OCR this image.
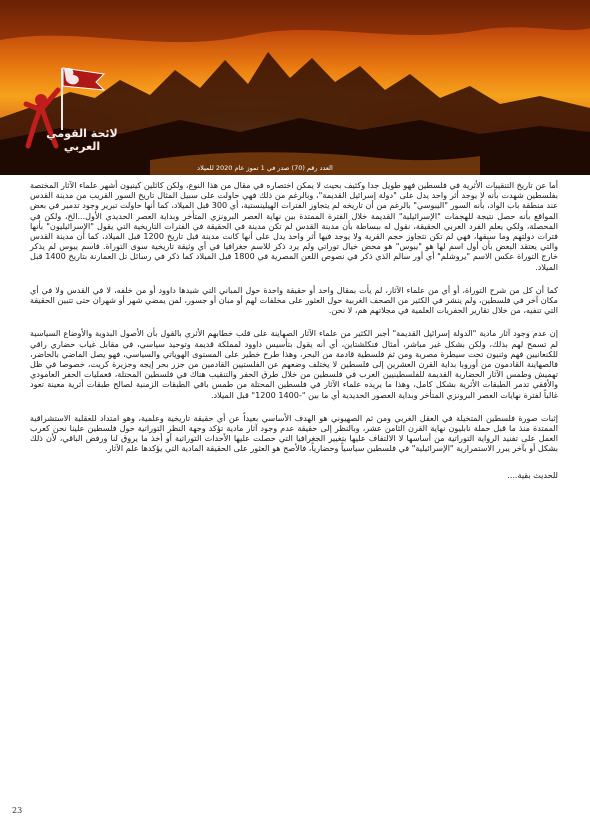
لائحة القومي العربي
العدد رقم (70) صدر في 1 تموز عام 2020 للميلاد

أما عن تاريخ التنقيبات الأثرية في فلسطين فهو طويل جدا وكثيف بحيث لا يمكن اختصاره في مقال من هذا النوع، ولكن كاثلين كينيون أشهر علماء الآثار المختصة بفلسطين شهدت بأنه لا يوجد أثر واحد يدل على "دولة إسرائيل القديمة"، وبالرغم من ذلك فهي حاولت على سبيل المثال تاريخ السور القريب من مدينة القدس عند منطقة باب الواد، بأنه السور "اليبوسي" بالرغم من أن تاريخه لم يتجاوز الفترات الهيلينستية، أي 300 قبل الميلاد، كما أنها حاولت تبرير وجود تدمير في بعض المواقع بأنه حصل نتيجة للهجمات "الإسرائيلية" القديمة خلال الفترة الممتدة بين نهاية العصر البرونزي المتأخر وبداية العصر الحديدي الأول...الخ، ولكن في المحصلة، ولكي يعلم الفرد العربي الحقيقة، نقول له ببساطة بأن مدينة القدس لم تكن مدينة في الحقيقة في الفترات التاريخية التي يقول "الإسرائيليون" بأنها فترات دولتهم وما سبقها، فهي لم تكن تتجاوز حجم القرية ولا يوجد فيها أثر واحد يدل على أنها كانت مدينة قبل تاريخ 1200 قبل الميلاد، كما أن مدينة القدس والتي يعتقد البعض بأن أول اسم لها هو "يبوس" هو محض خيال توراتي ولم يرد ذكر للاسم جغرافيا في أي وثيقة تاريخية سوى التوراة. فاسم يبوس لم يذكر خارج التوراة عكس الاسم "يروشلم" أي أور سالم الذي ذكر في نصوص اللعن المصرية في 1800 قبل الميلاد كما ذكر في رسائل تل العمارنة بتاريخ 1400 قبل الميلاد.

كما أن كل من شرح التوراة، أو أي من علماء الآثار، لم يأت بمقال واحد أو حقيقة واحدة حول المباني التي شيدها داوود أو من خلفه، لا في القدس ولا في أي مكان آخر في فلسطين، ولم ينشر في الكثير من الصحف الغربية حول العثور على مخلفات لهم أو مبان أو جسور، لمن يمضي شهر أو شهران حتى تتبين الحقيقة التي تنفيه، من خلال تقارير الحفريات العلمية في مجلاتهم هم، لا نحن.

إن عدم وجود آثار مادية "الدولة إسرائيل القديمة" أجبر الكثير من علماء الآثار الصهاينة على قلب خطابهم الأثري بالقول بأن الأصول البدوية والأوضاع السياسية لم تسمح لهم بذلك، ولكن بشكل غير مباشر، أمثال فنكلشتاين، أي أنه يقول بتأسيس داوود لمملكة قديمة وتوحيد سياسي، في مقابل غياب حضاري راقي للكنعانيين فهم وثنيون تحت سيطرة مصرية ومن ثم فلسطية قادمة من البحر، وهذا طرح خطير على المستوى الهوياتي والسياسي، فهو يصل الماضي بالحاضر، فالصهاينة القادمون من أوروبا بداية القرن العشرين إلى فلسطين لا يختلف وضعهم عن الفلستيين القادمين من جزر بحر إيجه وجزيرة كريت، خصوصا في ظل تهميش وطمس الآثار الحضارية القديمة للفلسطينيين العرب في فلسطين من خلال طرق الحفر والتنقيب هناك في فلسطين المحتلة، فعمليات الحفر العامودي والأفقي تدمر الطبقات الأثرية بشكل كامل، وهذا ما يريده علماء الآثار في فلسطين المحتلة من طمس باقي الطبقات الزمنية لصالح طبقات أثرية معينة تعود غالباً لفترة نهايات العصر البرونزي المتأخر وبداية العصور الحديدية أي ما بين "-1400 1200" قبل الميلاد.

إثبات صورة فلسطين المتخيلة في العقل الغربي ومن ثم الصهيوني هو الهدف الأساسي بعيداً عن أي حقيقة تاريخية وعلمية، وهو امتداد للعقلية الاستشراقية الممتدة منذ ما قبل حملة نابليون نهاية القرن الثامن عشر، وبالنظر إلى حقيقة عدم وجود آثار مادية تؤكد وجهة النظر التوراتية حول فلسطين علينا نحن كعرب العمل على تفنيد الرواية التوراتية من أساسها لا الالتفاف عليها بتغيير الجغرافيا التي حصلت عليها الأحداث التوراتية أو أخذ ما يروق لنا ورفض الباقي، لأن ذلك بشكل أو بآخر يبرر الاستمرارية "الإسرائيلية" في فلسطين سياسياً وحضارياً، فالأصح هو العثور على الحقيقة المادية التي يؤكدها علم الآثار.

للحديث بقية....

23
